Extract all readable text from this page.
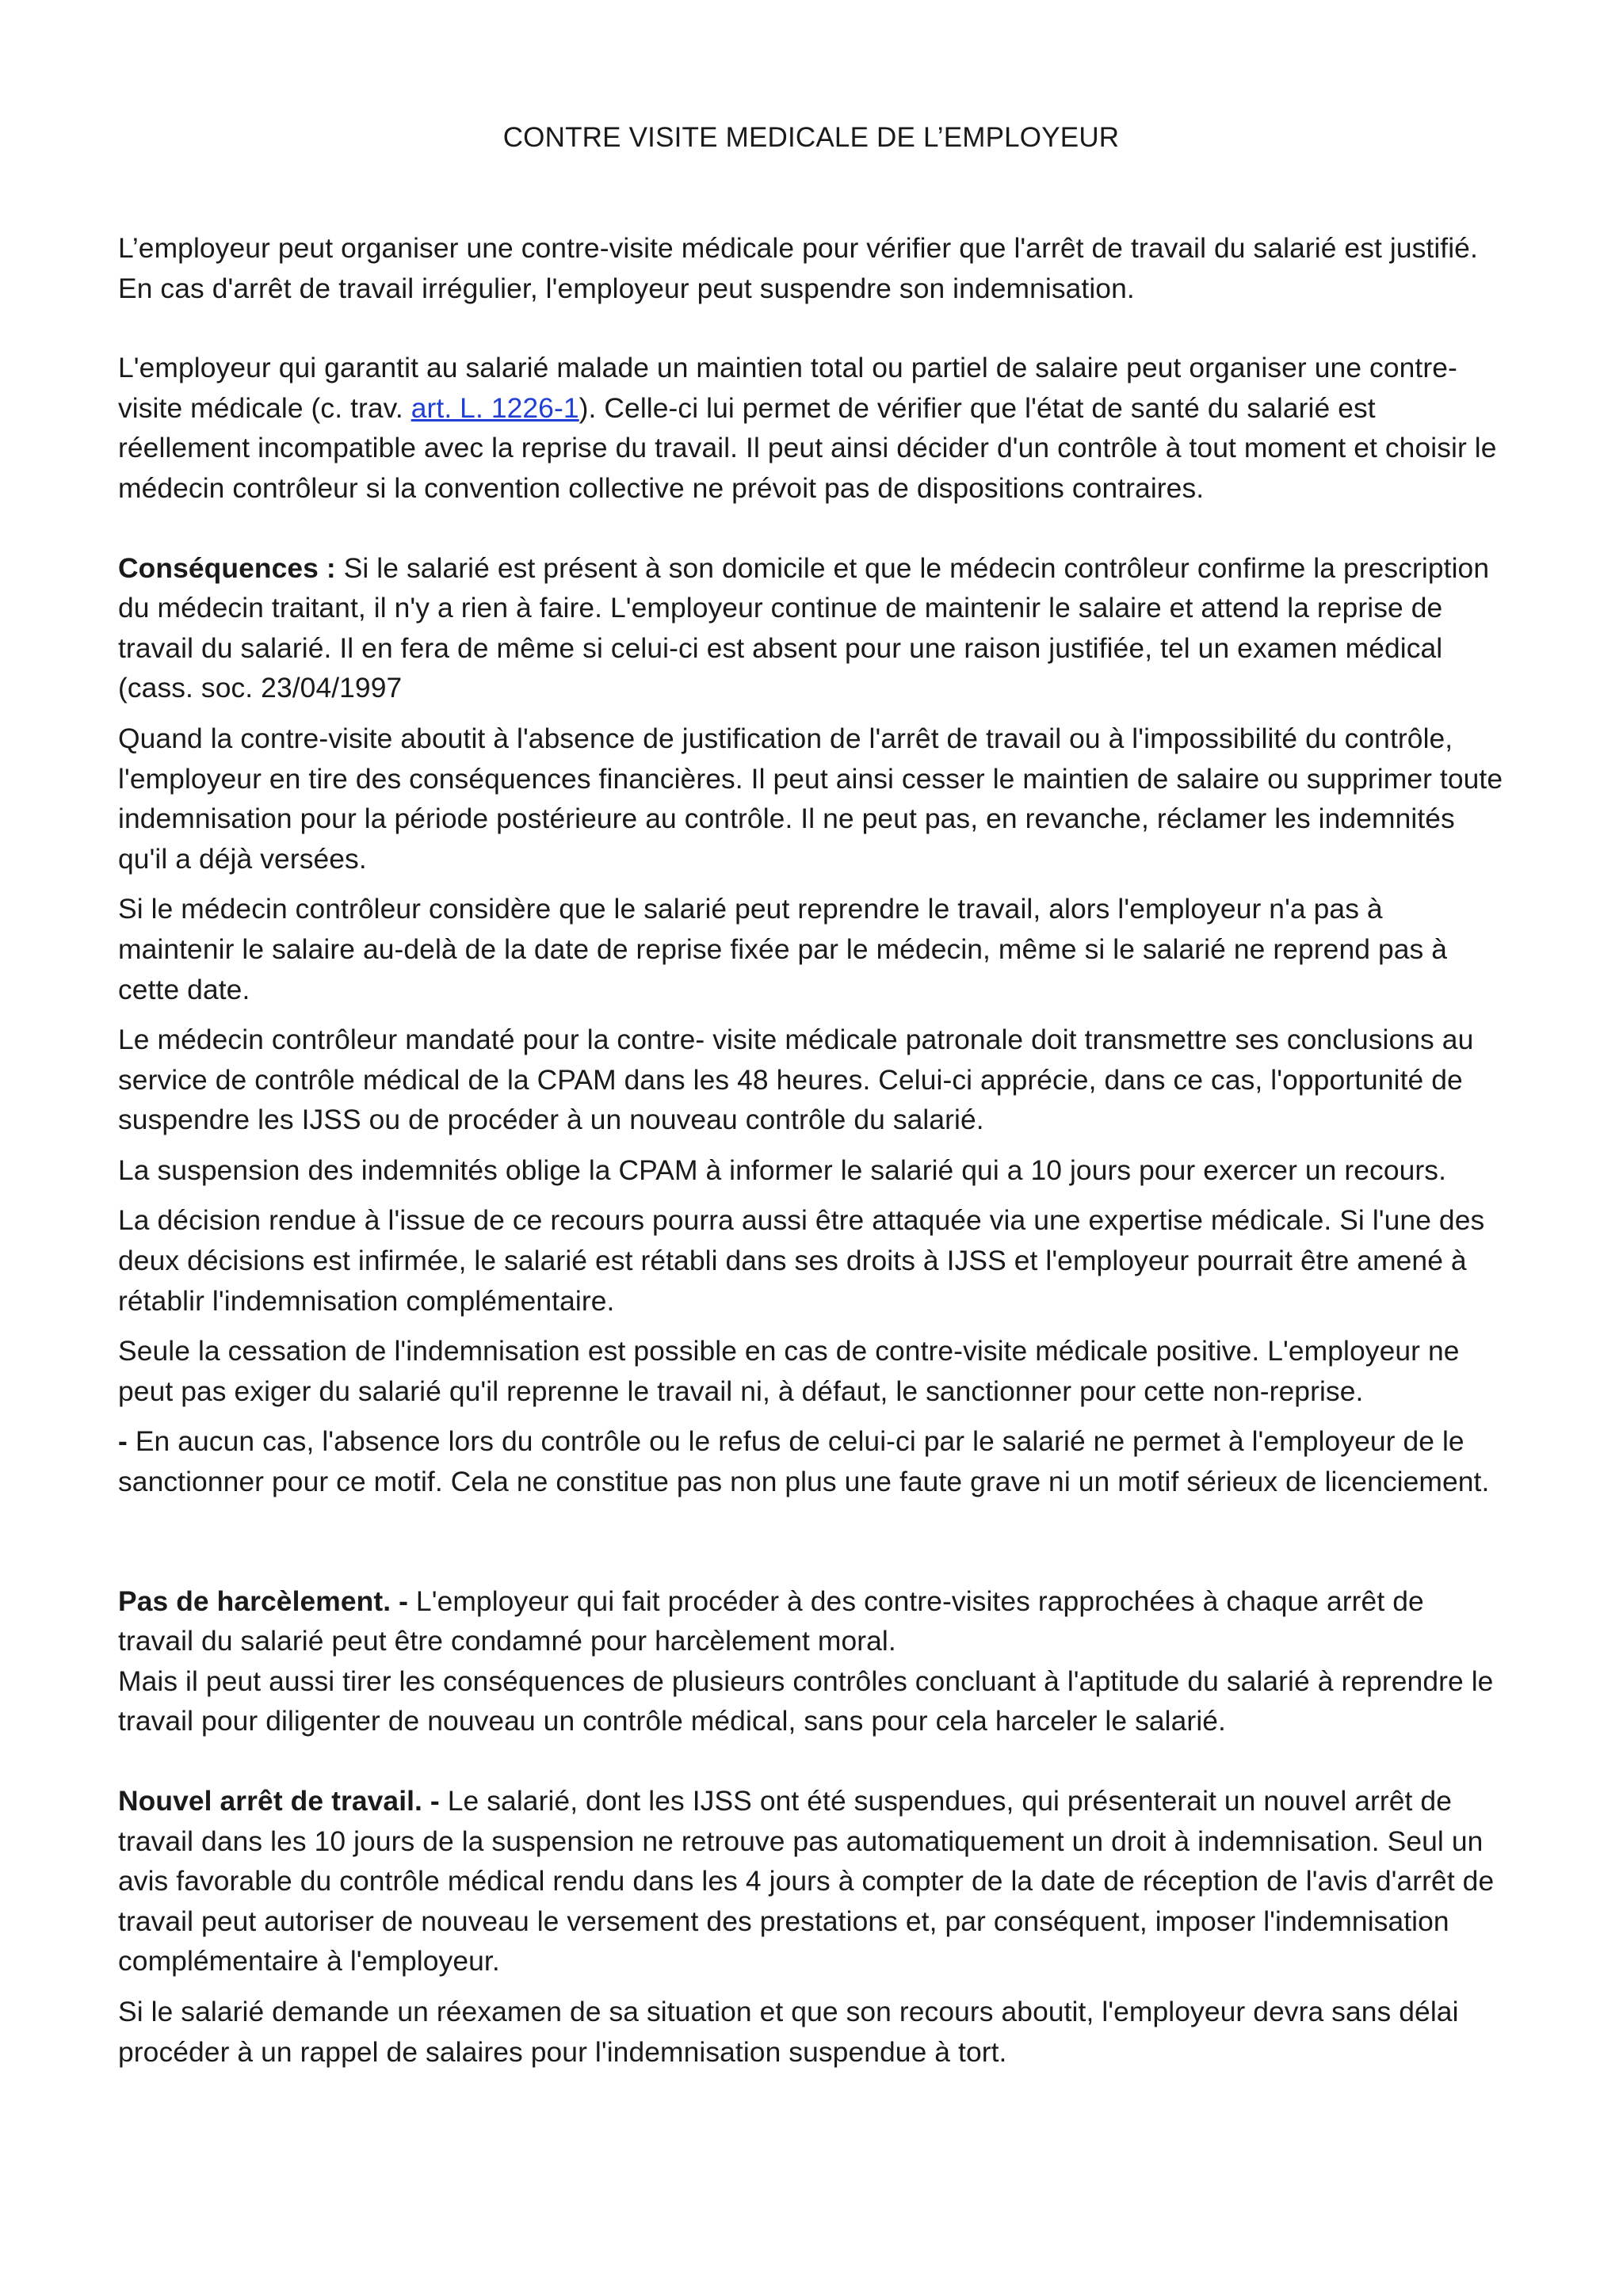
CONTRE VISITE MEDICALE DE L’EMPLOYEUR

L’employeur peut organiser une contre-visite médicale pour vérifier que l'arrêt de travail du salarié est justifié. En cas d'arrêt de travail irrégulier, l'employeur peut suspendre son indemnisation.

L'employeur qui garantit au salarié malade un maintien total ou partiel de salaire peut organiser une contre-visite médicale (c. trav. art. L. 1226-1). Celle-ci lui permet de vérifier que l'état de santé du salarié est réellement incompatible avec la reprise du travail. Il peut ainsi décider d'un contrôle à tout moment et choisir le médecin contrôleur si la convention collective ne prévoit pas de dispositions contraires.

Conséquences : Si le salarié est présent à son domicile et que le médecin contrôleur confirme la prescription du médecin traitant, il n'y a rien à faire. L'employeur continue de maintenir le salaire et attend la reprise de travail du salarié. Il en fera de même si celui-ci est absent pour une raison justifiée, tel un examen médical (cass. soc. 23/04/1997

Quand la contre-visite aboutit à l'absence de justification de l'arrêt de travail ou à l'impossibilité du contrôle, l'employeur en tire des conséquences financières. Il peut ainsi cesser le maintien de salaire ou supprimer toute indemnisation pour la période postérieure au contrôle. Il ne peut pas, en revanche, réclamer les indemnités qu'il a déjà versées.

Si le médecin contrôleur considère que le salarié peut reprendre le travail, alors l'employeur n'a pas à maintenir le salaire au-delà de la date de reprise fixée par le médecin, même si le salarié ne reprend pas à cette date.

Le médecin contrôleur mandaté pour la contre- visite médicale patronale doit transmettre ses conclusions au service de contrôle médical de la CPAM dans les 48 heures. Celui-ci apprécie, dans ce cas, l'opportunité de suspendre les IJSS ou de procéder à un nouveau contrôle du salarié.

La suspension des indemnités oblige la CPAM à informer le salarié qui a 10 jours pour exercer un recours.

La décision rendue à l'issue de ce recours pourra aussi être attaquée via une expertise médicale. Si l'une des deux décisions est infirmée, le salarié est rétabli dans ses droits à IJSS et l'employeur pourrait être amené à rétablir l'indemnisation complémentaire.

Seule la cessation de l'indemnisation est possible en cas de contre-visite médicale positive. L'employeur ne peut pas exiger du salarié qu'il reprenne le travail ni, à défaut, le sanctionner pour cette non-reprise.

- En aucun cas, l'absence lors du contrôle ou le refus de celui-ci par le salarié ne permet à l'employeur de le sanctionner pour ce motif. Cela ne constitue pas non plus une faute grave ni un motif sérieux de licenciement.

Pas de harcèlement. - L'employeur qui fait procéder à des contre-visites rapprochées à chaque arrêt de travail du salarié peut être condamné pour harcèlement moral.

Mais il peut aussi tirer les conséquences de plusieurs contrôles concluant à l'aptitude du salarié à reprendre le travail pour diligenter de nouveau un contrôle médical, sans pour cela harceler le salarié.

Nouvel arrêt de travail. - Le salarié, dont les IJSS ont été suspendues, qui présenterait un nouvel arrêt de travail dans les 10 jours de la suspension ne retrouve pas automatiquement un droit à indemnisation. Seul un avis favorable du contrôle médical rendu dans les 4 jours à compter de la date de réception de l'avis d'arrêt de travail peut autoriser de nouveau le versement des prestations et, par conséquent, imposer l'indemnisation complémentaire à l'employeur.

Si le salarié demande un réexamen de sa situation et que son recours aboutit, l'employeur devra sans délai procéder à un rappel de salaires pour l'indemnisation suspendue à tort.
